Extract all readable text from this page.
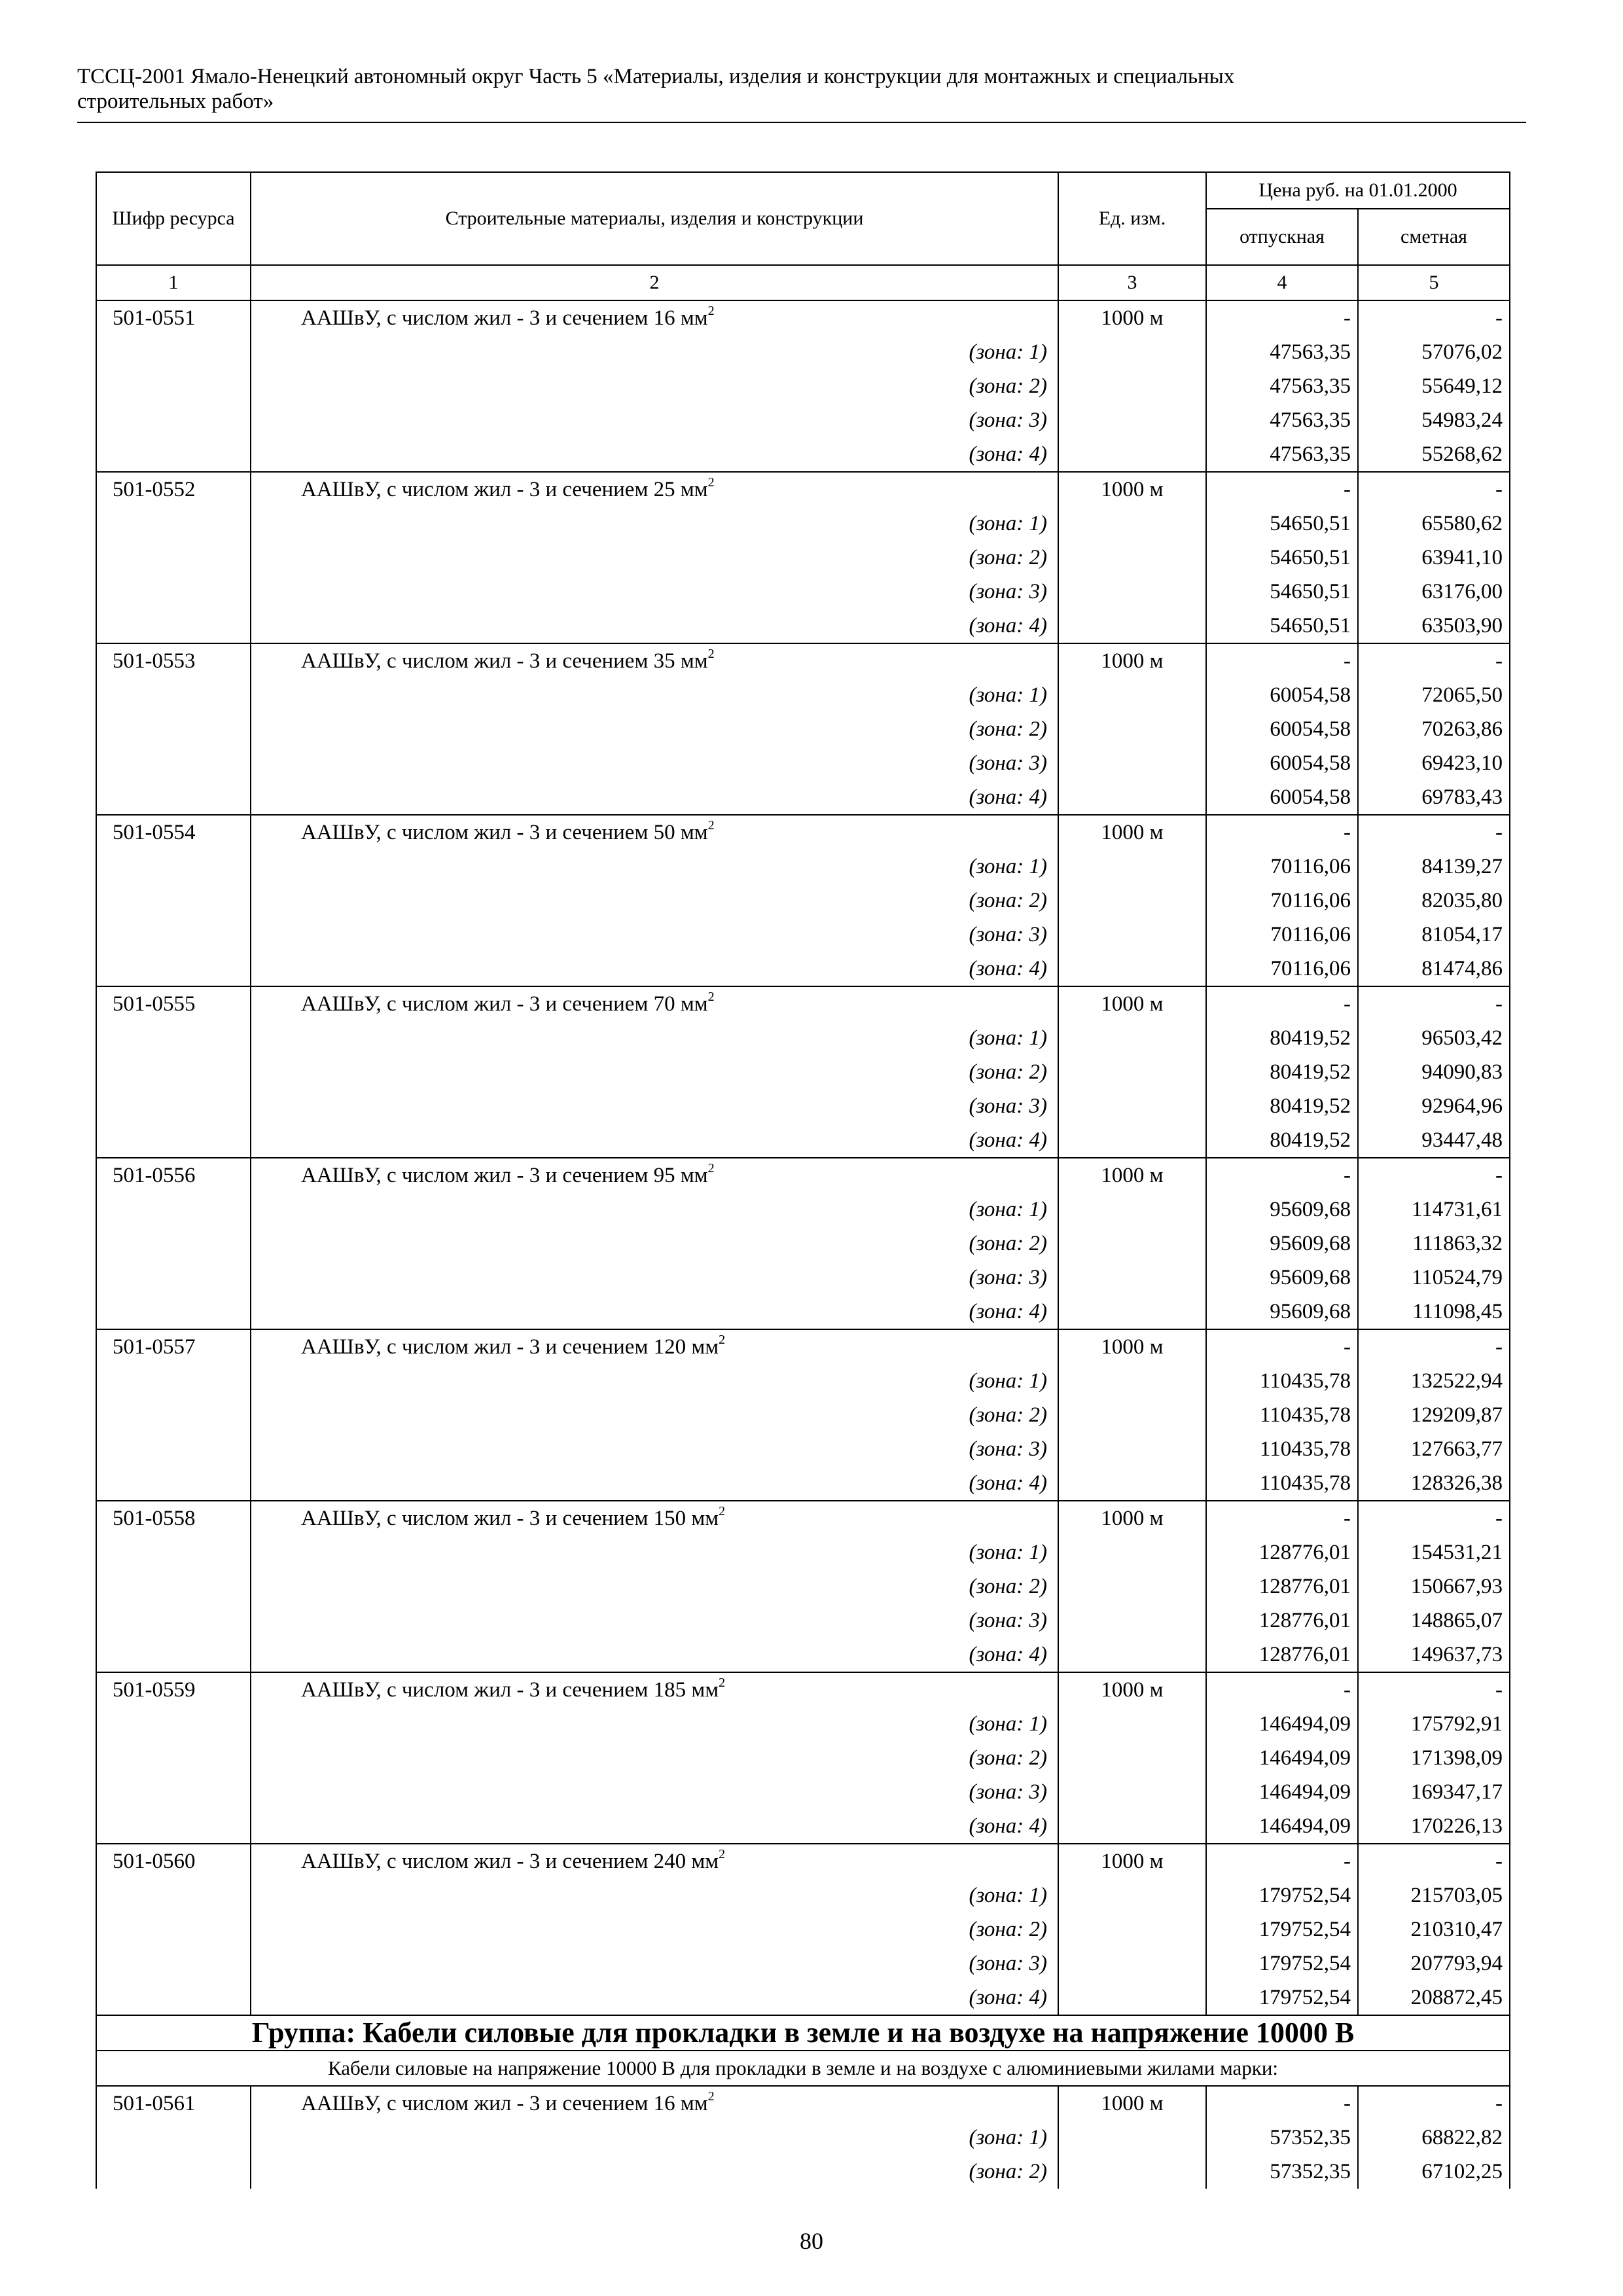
ТССЦ-2001 Ямало-Ненецкий автономный округ Часть 5 «Материалы, изделия и конструкции для монтажных и специальных
строительных работ»
Шифр ресурса	Строительные материалы, изделия и конструкции	Ед. изм.	Цена руб. на 01.01.2000	
			отпускная	сметная
1	2	3	4	5
501-0551	ААШвУ, с числом жил - 3 и сечением 16 $мм^2$	1000 м	-	-
	(зона: 1)		47563,35	57076,02
	(зона: 2)		47563,35	55649,12
	(зона: 3)		47563,35	54983,24
	(зона: 4)		47563,35	55268,62
501-0552	ААШвУ, с числом жил - 3 и сечением 25 $мм^2$	1000 м	-	-
	(зона: 1)		54650,51	65580,62
	(зона: 2)		54650,51	63941,10
	(зона: 3)		54650,51	63176,00
	(зона: 4)		54650,51	63503,90
501-0553	ААШвУ, с числом жил - 3 и сечением 35 $мм^2$	1000 м	-	-
	(зона: 1)		60054,58	72065,50
	(зона: 2)		60054,58	70263,86
	(зона: 3)		60054,58	69423,10
	(зона: 4)		60054,58	69783,43
501-0554	ААШвУ, с числом жил - 3 и сечением 50 $мм^2$	1000 м	-	-
	(зона: 1)		70116,06	84139,27
	(зона: 2)		70116,06	82035,80
	(зона: 3)		70116,06	81054,17
	(зона: 4)		70116,06	81474,86
501-0555	ААШвУ, с числом жил - 3 и сечением 70 $мм^2$	1000 м	-	-
	(зона: 1)		80419,52	96503,42
	(зона: 2)		80419,52	94090,83
	(зона: 3)		80419,52	92964,96
	(зона: 4)		80419,52	93447,48
501-0556	ААШвУ, с числом жил - 3 и сечением 95 $мм^2$	1000 м	-	-
	(зона: 1)		95609,68	114731,61
	(зона: 2)		95609,68	111863,32
	(зона: 3)		95609,68	110524,79
	(зона: 4)		95609,68	111098,45
501-0557	ААШвУ, с числом жил - 3 и сечением 120 $мм^2$	1000 м	-	-
	(зона: 1)		110435,78	132522,94
	(зона: 2)		110435,78	129209,87
	(зона: 3)		110435,78	127663,77
	(зона: 4)		110435,78	128326,38
501-0558	ААШвУ, с числом жил - 3 и сечением 150 $мм^2$	1000 м	-	-
	(зона: 1)		128776,01	154531,21
	(зона: 2)		128776,01	150667,93
	(зона: 3)		128776,01	148865,07
	(зона: 4)		128776,01	149637,73
501-0559	ААШвУ, с числом жил - 3 и сечением 185 $мм^2$	1000 м	-	-
	(зона: 1)		146494,09	175792,91
	(зона: 2)		146494,09	171398,09
	(зона: 3)		146494,09	169347,17
	(зона: 4)		146494,09	170226,13
501-0560	ААШвУ, с числом жил - 3 и сечением 240 $мм^2$	1000 м	-	-
	(зона: 1)		179752,54	215703,05
	(зона: 2)		179752,54	210310,47
	(зона: 3)		179752,54	207793,94
	(зона: 4)		179752,54	208872,45
Группа: Кабели силовые для прокладки в земле и на воздухе на напряжение 10000 В				
Кабели силовые на напряжение 10000 В для прокладки в земле и на воздухе с алюминиевыми жилами марки:				
501-0561	ААШвУ, с числом жил - 3 и сечением 16 $мм^2$	1000 м	-	-
	(зона: 1)		57352,35	68822,82
	(зона: 2)		57352,35	67102,25
80
